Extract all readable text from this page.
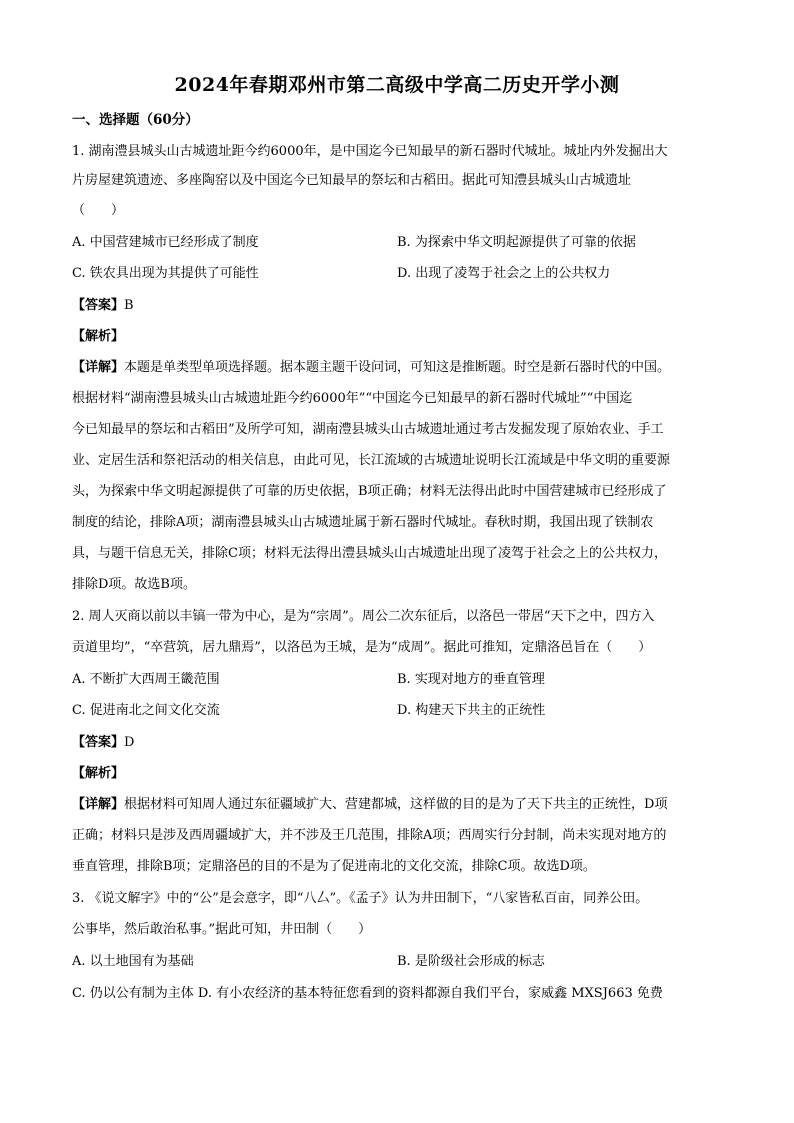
2024年春期邓州市第二高级中学高二历史开学小测
一、选择题（60分）
1. 湖南澧县城头山古城遗址距今约6000年，是中国迄今已知最早的新石器时代城址。城址内外发掘出大
片房屋建筑遗迹、多座陶窑以及中国迄今已知最早的祭坛和古稻田。据此可知澧县城头山古城遗址
（　　）
A. 中国营建城市已经形成了制度	B. 为探索中华文明起源提供了可靠的依据
C. 铁农具出现为其提供了可能性	D. 出现了凌驾于社会之上的公共权力
【答案】B
【解析】
【详解】本题是单类型单项选择题。据本题主题干设问词，可知这是推断题。时空是新石器时代的中国。
根据材料“湖南澧县城头山古城遗址距今约6000年”“中国迄今已知最早的新石器时代城址”“中国迄
今已知最早的祭坛和古稻田”及所学可知，湖南澧县城头山古城遗址通过考古发掘发现了原始农业、手工
业、定居生活和祭祀活动的相关信息，由此可见，长江流域的古城遗址说明长江流域是中华文明的重要源
头，为探索中华文明起源提供了可靠的历史依据，B项正确；材料无法得出此时中国营建城市已经形成了
制度的结论，排除A项；湖南澧县城头山古城遗址属于新石器时代城址。春秋时期，我国出现了铁制农
具，与题干信息无关，排除C项；材料无法得出澧县城头山古城遗址出现了凌驾于社会之上的公共权力，
排除D项。故选B项。
2. 周人灭商以前以丰镐一带为中心，是为“宗周”。周公二次东征后，以洛邑一带居“天下之中，四方入
贡道里均”，“卒营筑，居九鼎焉”，以洛邑为王城，是为“成周”。据此可推知，定鼎洛邑旨在（　　）
A. 不断扩大西周王畿范围	B. 实现对地方的垂直管理
C. 促进南北之间文化交流	D. 构建天下共主的正统性
【答案】D
【解析】
【详解】根据材料可知周人通过东征疆域扩大、营建都城，这样做的目的是为了天下共主的正统性，D项
正确；材料只是涉及西周疆域扩大，并不涉及王几范围，排除A项；西周实行分封制，尚未实现对地方的
垂直管理，排除B项；定鼎洛邑的目的不是为了促进南北的文化交流，排除C项。故选D项。
3. 《说文解字》中的“公”是会意字，即“八厶”。《孟子》认为井田制下，“八家皆私百亩，同养公田。
公事毕，然后敢治私事。”据此可知，井田制（　　）
A. 以土地国有为基础	B. 是阶级社会形成的标志
C. 仍以公有制为主体 D. 有小农经济的基本特征您看到的资料都源自我们平台，家威鑫 MXSJ663 免费
